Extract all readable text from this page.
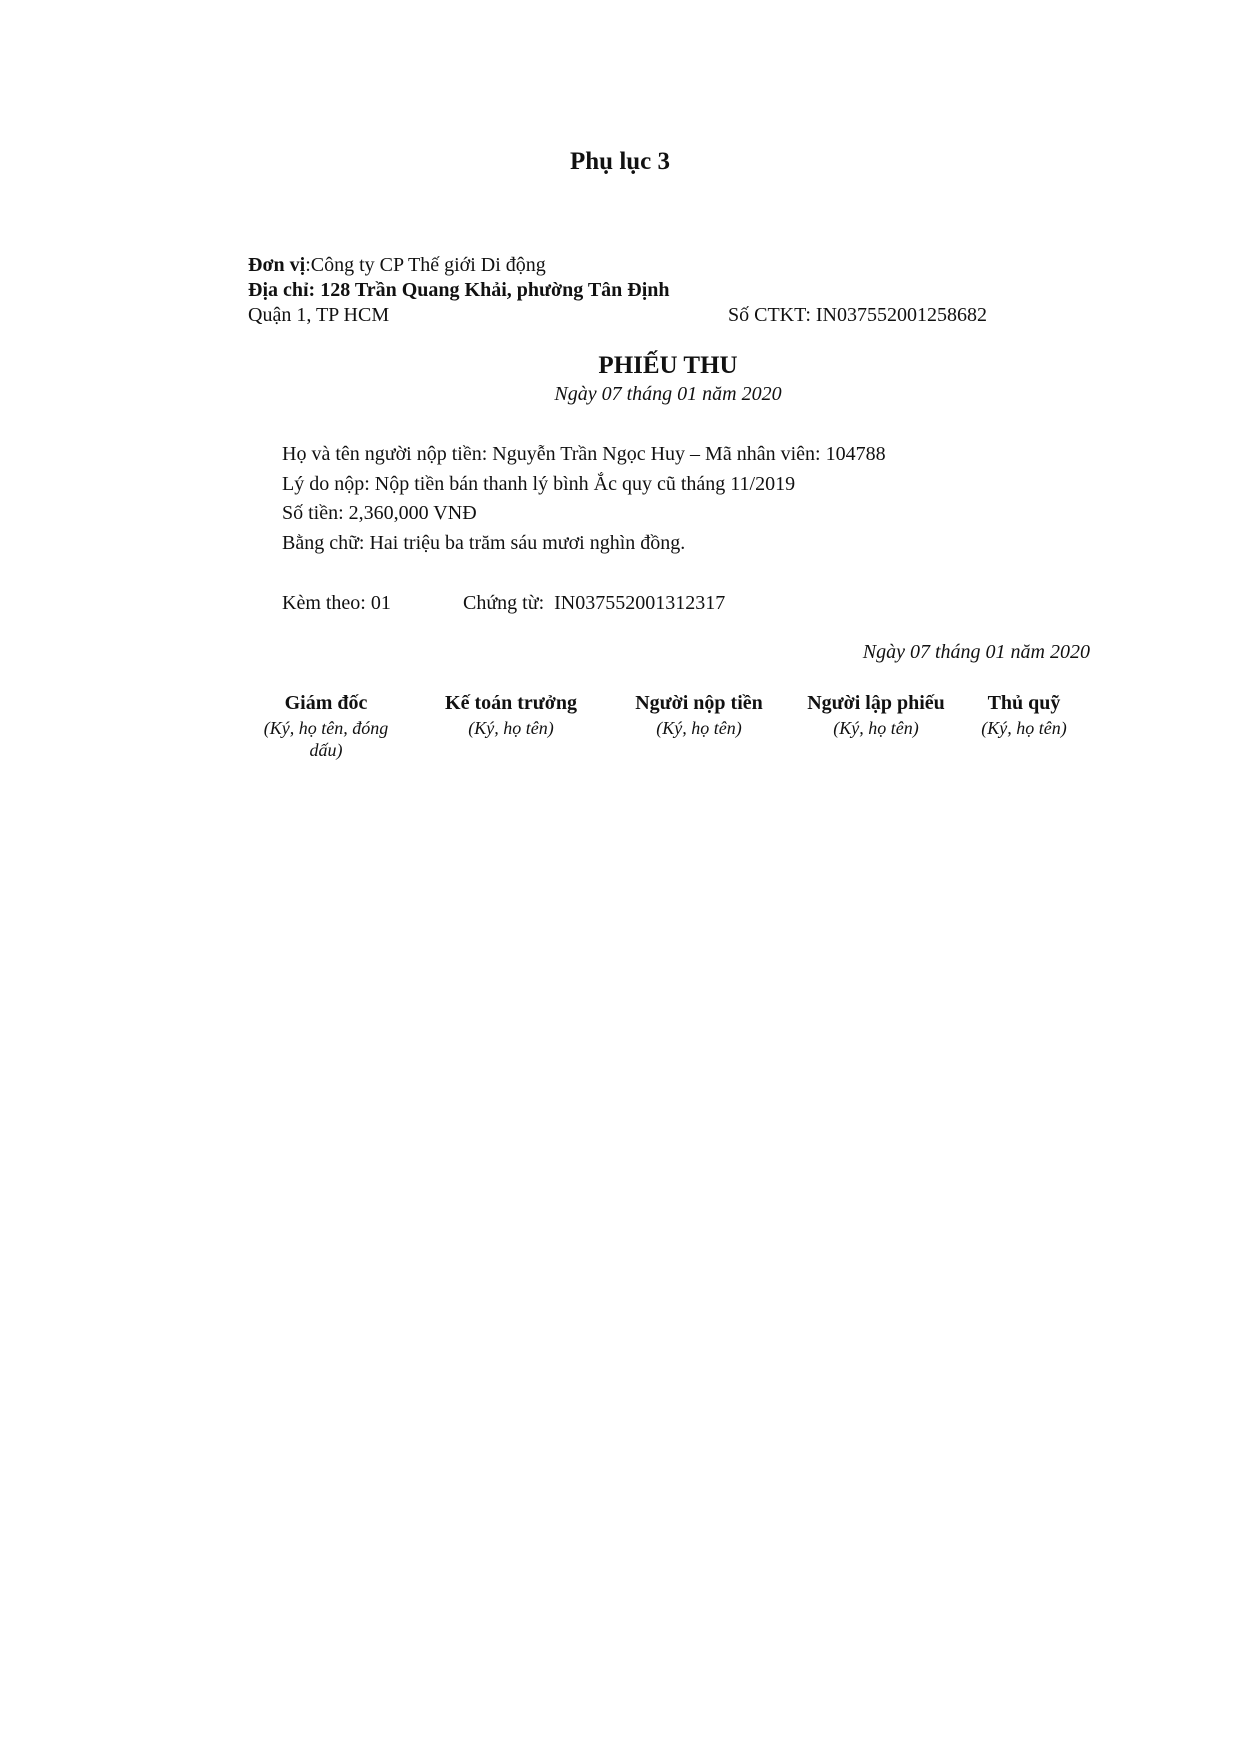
Phụ lục 3
Đơn vị:Công ty CP Thế giới Di động
Địa chỉ: 128 Trần Quang Khải, phường Tân Định
Quận 1, TP HCM	Số CTKT: IN037552001258682
PHIẾU THU
Ngày 07 tháng 01 năm 2020
Họ và tên người nộp tiền: Nguyễn Trần Ngọc Huy – Mã nhân viên: 104788
Lý do nộp: Nộp tiền bán thanh lý bình Ắc quy cũ tháng 11/2019
Số tiền: 2,360,000 VNĐ
Bằng chữ: Hai triệu ba trăm sáu mươi nghìn đồng.
Kèm theo: 01	Chứng từ:  IN037552001312317
Ngày 07 tháng 01 năm 2020
Giám đốc
(Ký, họ tên, đóng dấu)
Kế toán trưởng
(Ký, họ tên)
Người nộp tiền
(Ký, họ tên)
Người lập phiếu
(Ký, họ tên)
Thủ quỹ
(Ký, họ tên)
